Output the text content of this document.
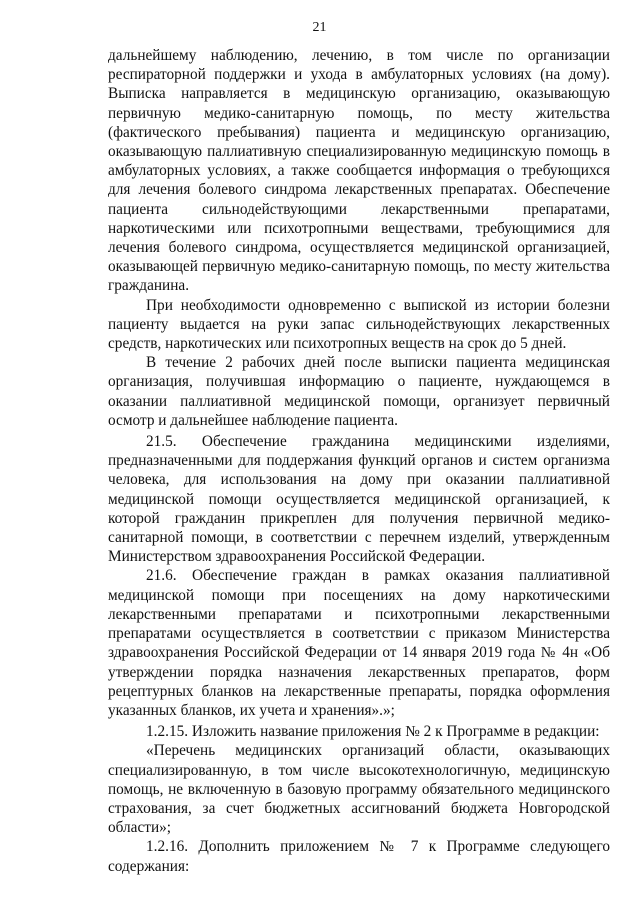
21

дальнейшему наблюдению, лечению, в том числе по организации респираторной поддержки и ухода в амбулаторных условиях (на дому). Выписка направляется в медицинскую организацию, оказывающую первичную медико-санитарную помощь, по месту жительства (фактического пребывания) пациента и медицинскую организацию, оказывающую паллиативную специализированную медицинскую помощь в амбулаторных условиях, а также сообщается информация о требующихся для лечения болевого синдрома лекарственных препаратах. Обеспечение пациента сильнодействующими лекарственными препаратами, наркотическими или психотропными веществами, требующимися для лечения болевого синдрома, осуществляется медицинской организацией, оказывающей первичную медико-санитарную помощь, по месту жительства гражданина.

При необходимости одновременно с выпиской из истории болезни пациенту выдается на руки запас сильнодействующих лекарственных средств, наркотических или психотропных веществ на срок до 5 дней.

В течение 2 рабочих дней после выписки пациента медицинская организация, получившая информацию о пациенте, нуждающемся в оказании паллиативной медицинской помощи, организует первичный осмотр и дальнейшее наблюдение пациента.

21.5. Обеспечение гражданина медицинскими изделиями, предназначенными для поддержания функций органов и систем организма человека, для использования на дому при оказании паллиативной медицинской помощи осуществляется медицинской организацией, к которой гражданин прикреплен для получения первичной медико-санитарной помощи, в соответствии с перечнем изделий, утвержденным Министерством здравоохранения Российской Федерации.

21.6. Обеспечение граждан в рамках оказания паллиативной медицинской помощи при посещениях на дому наркотическими лекарственными препаратами и психотропными лекарственными препаратами осуществляется в соответствии с приказом Министерства здравоохранения Российской Федерации от 14 января 2019 года № 4н «Об утверждении порядка назначения лекарственных препаратов, форм рецептурных бланков на лекарственные препараты, порядка оформления указанных бланков, их учета и хранения».»;

1.2.15. Изложить название приложения № 2 к Программе в редакции:

«Перечень медицинских организаций области, оказывающих специализированную, в том числе высокотехнологичную, медицинскую помощь, не включенную в базовую программу обязательного медицинского страхования, за счет бюджетных ассигнований бюджета Новгородской области»;

1.2.16. Дополнить приложением № 7 к Программе следующего содержания:
